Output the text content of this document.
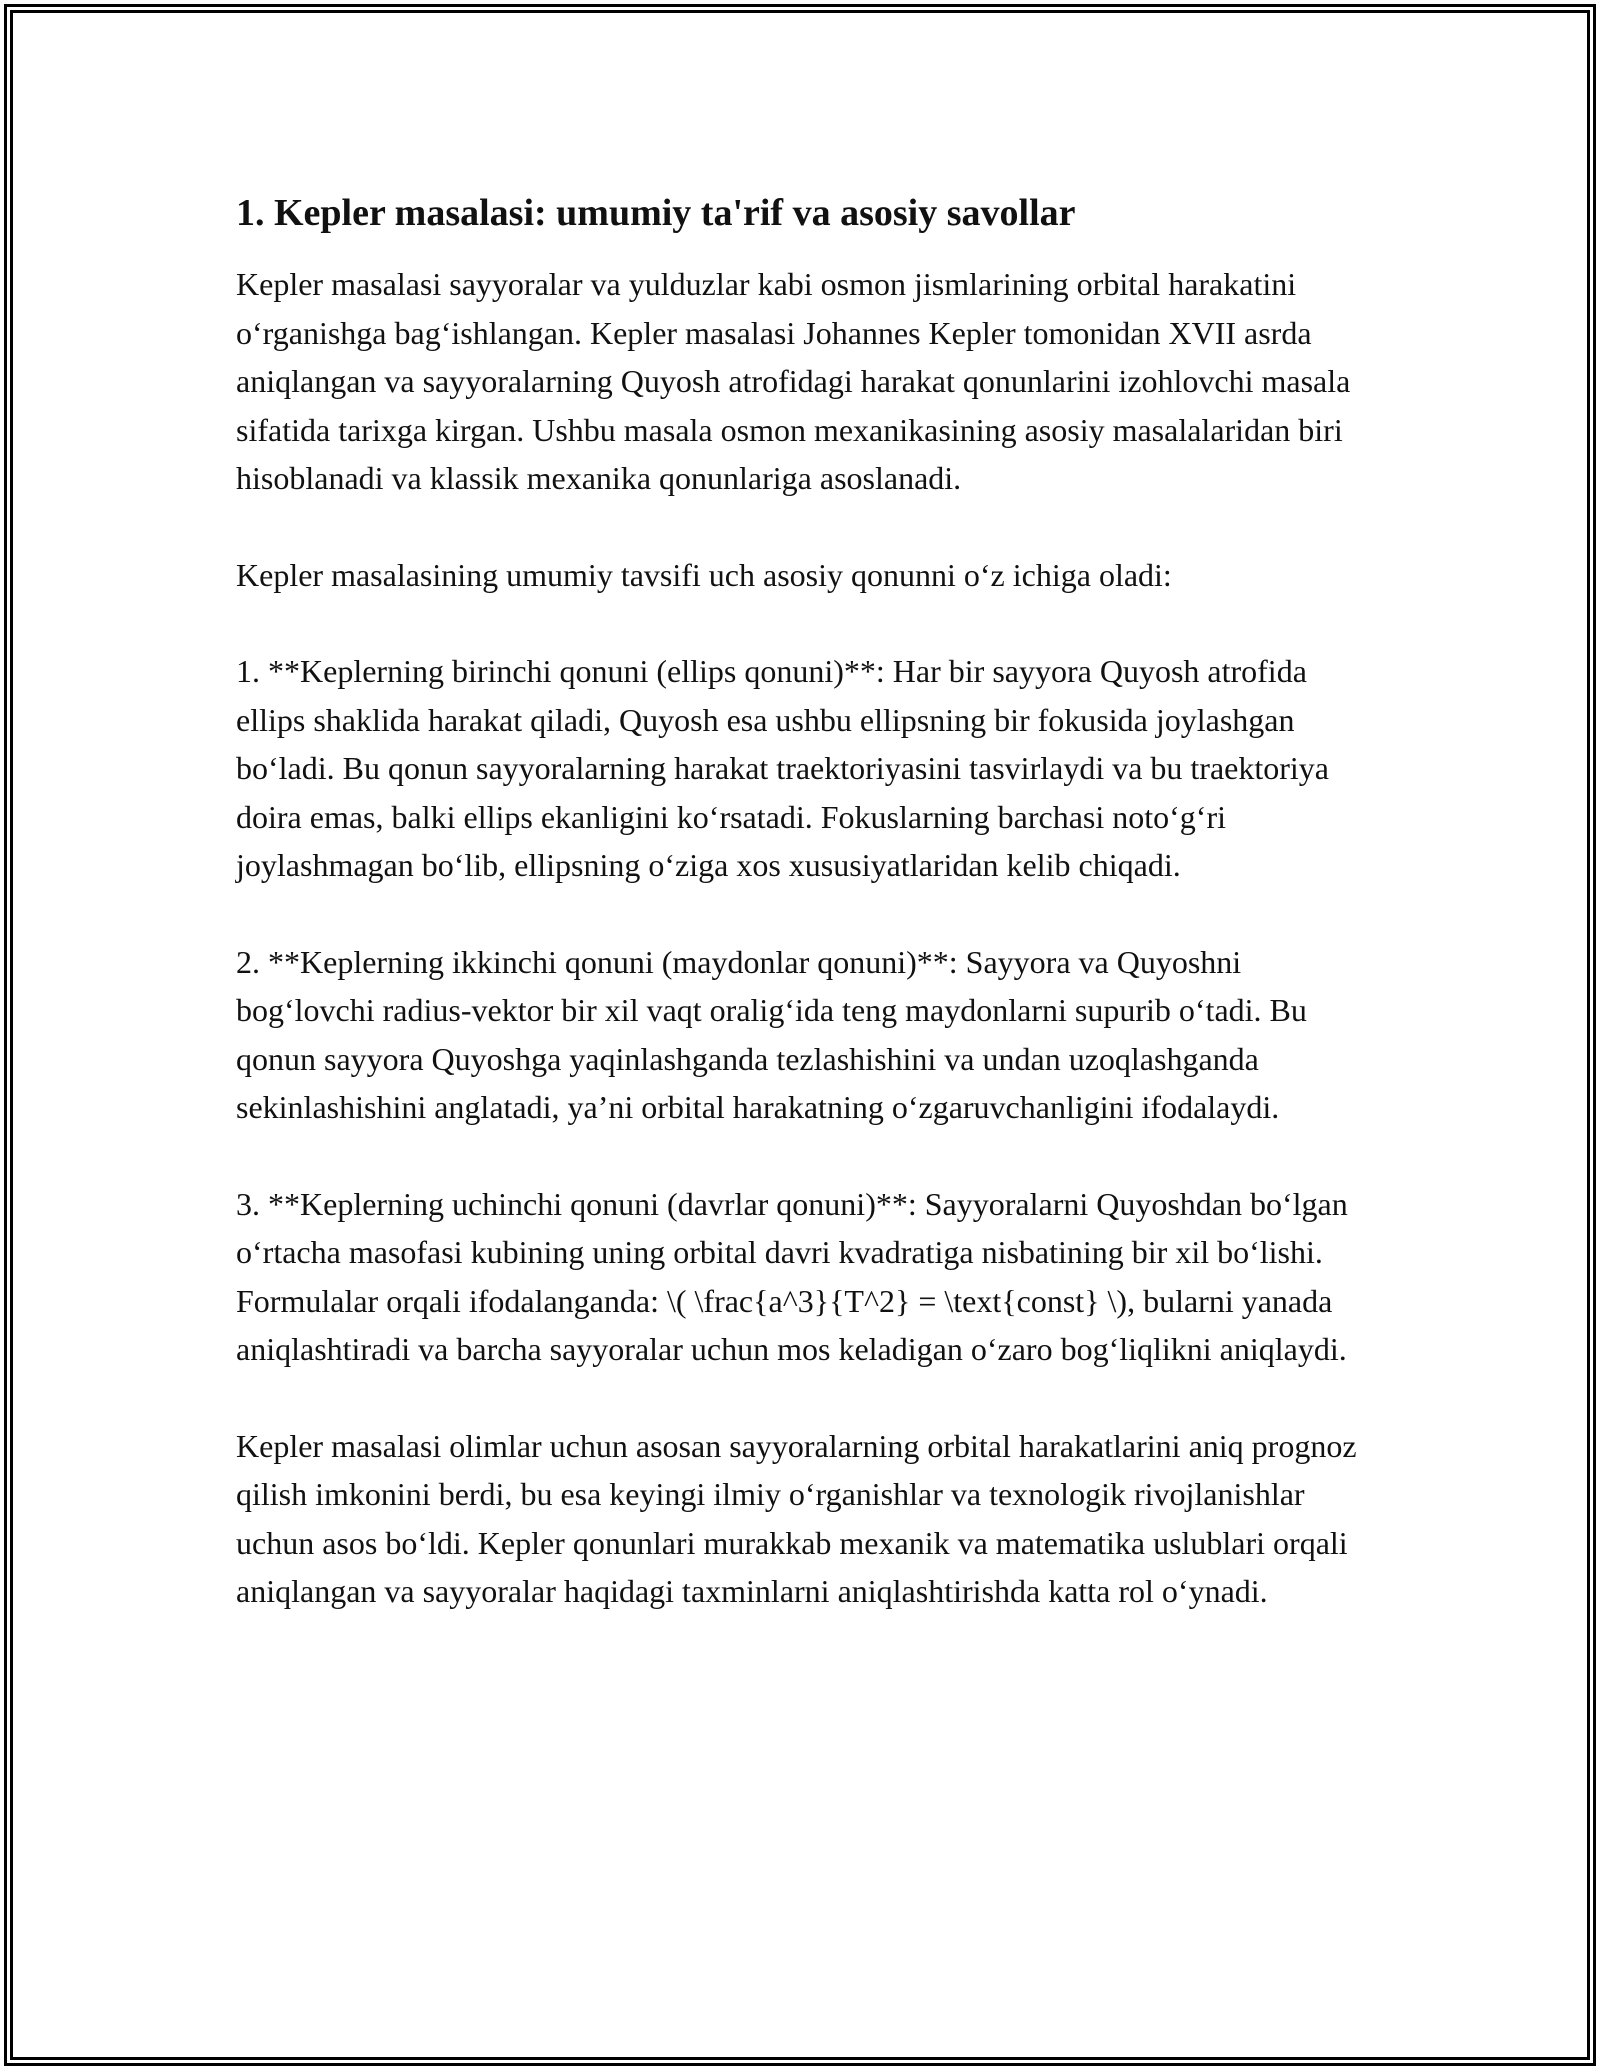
1. Kepler masalasi: umumiy ta'rif va asosiy savollar

Kepler masalasi sayyoralar va yulduzlar kabi osmon jismlarining orbital harakatini o‘rganishga bag‘ishlangan. Kepler masalasi Johannes Kepler tomonidan XVII asrda aniqlangan va sayyoralarning Quyosh atrofidagi harakat qonunlarini izohlovchi masala sifatida tarixga kirgan. Ushbu masala osmon mexanikasining asosiy masalalaridan biri hisoblanadi va klassik mexanika qonunlariga asoslanadi.

Kepler masalasining umumiy tavsifi uch asosiy qonunni o‘z ichiga oladi:

1. **Keplerning birinchi qonuni (ellips qonuni)**: Har bir sayyora Quyosh atrofida ellips shaklida harakat qiladi, Quyosh esa ushbu ellipsning bir fokusida joylashgan bo‘ladi. Bu qonun sayyoralarning harakat traektoriyasini tasvirlaydi va bu traektoriya doira emas, balki ellips ekanligini ko‘rsatadi. Fokuslarning barchasi noto‘g‘ri joylashmagan bo‘lib, ellipsning o‘ziga xos xususiyatlaridan kelib chiqadi.

2. **Keplerning ikkinchi qonuni (maydonlar qonuni)**: Sayyora va Quyoshni bog‘lovchi radius-vektor bir xil vaqt oralig‘ida teng maydonlarni supurib o‘tadi. Bu qonun sayyora Quyoshga yaqinlashganda tezlashishini va undan uzoqlashganda sekinlashishini anglatadi, ya’ni orbital harakatning o‘zgaruvchanligini ifodalaydi.

3. **Keplerning uchinchi qonuni (davrlar qonuni)**: Sayyoralarni Quyoshdan bo‘lgan o‘rtacha masofasi kubining uning orbital davri kvadratiga nisbatining bir xil bo‘lishi. Formulalar orqali ifodalanganda: \( \frac{a^3}{T^2} = \text{const} \), bularni yanada aniqlashtiradi va barcha sayyoralar uchun mos keladigan o‘zaro bog‘liqlikni aniqlaydi.

Kepler masalasi olimlar uchun asosan sayyoralarning orbital harakatlarini aniq prognoz qilish imkonini berdi, bu esa keyingi ilmiy o‘rganishlar va texnologik rivojlanishlar uchun asos bo‘ldi. Kepler qonunlari murakkab mexanik va matematika uslublari orqali aniqlangan va sayyoralar haqidagi taxminlarni aniqlashtirishda katta rol o‘ynadi.
